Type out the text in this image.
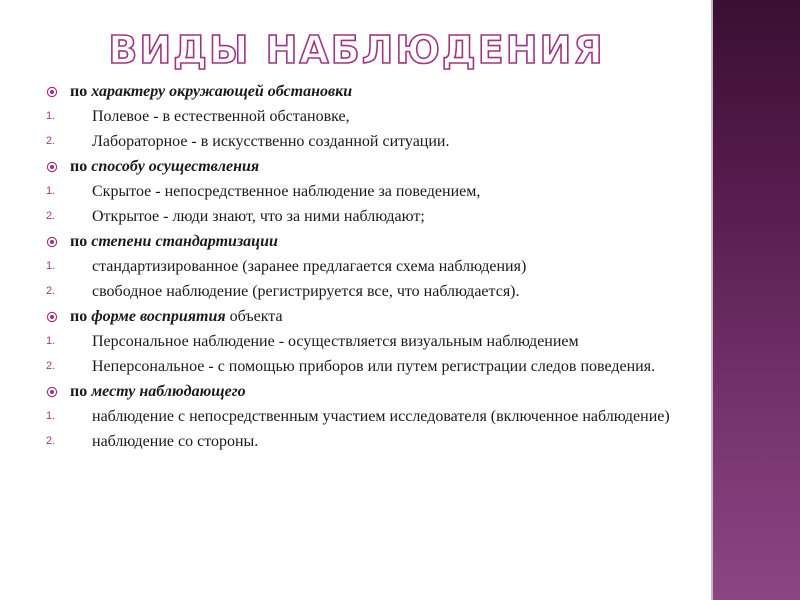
ВИДЫ НАБЛЮДЕНИЯ
по характеру окружающей обстановки
1.	Полевое - в естественной обстановке,
2.	Лабораторное - в искусственно созданной ситуации.
по способу осуществления
1.	Скрытое - непосредственное наблюдение за поведением,
2.	Открытое - люди знают, что за ними наблюдают;
по степени стандартизации
1.	стандартизированное (заранее предлагается схема наблюдения)
2.	свободное наблюдение (регистрируется все, что наблюдается).
по форме восприятия объекта
1.	Персональное наблюдение - осуществляется визуальным наблюдением
2.	Неперсональное - с помощью приборов или путем регистрации следов поведения.
по месту наблюдающего
1.	наблюдение с непосредственным участием исследователя (включенное наблюдение)
2.	наблюдение со стороны.
